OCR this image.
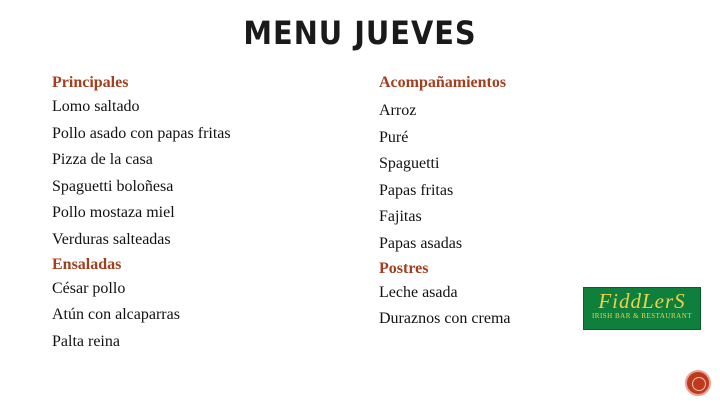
MENU JUEVES
Principales
Lomo saltado
Pollo asado con papas fritas
Pizza de la casa
Spaguetti boloñesa
Pollo mostaza miel
Verduras salteadas
Ensaladas
César pollo
Atún con alcaparras
Palta reina
Acompañamientos
Arroz
Puré
Spaguetti
Papas fritas
Fajitas
Papas asadas
Postres
Leche asada
Duraznos con crema
FiddLerS
IRISH BAR & RESTAURANT
